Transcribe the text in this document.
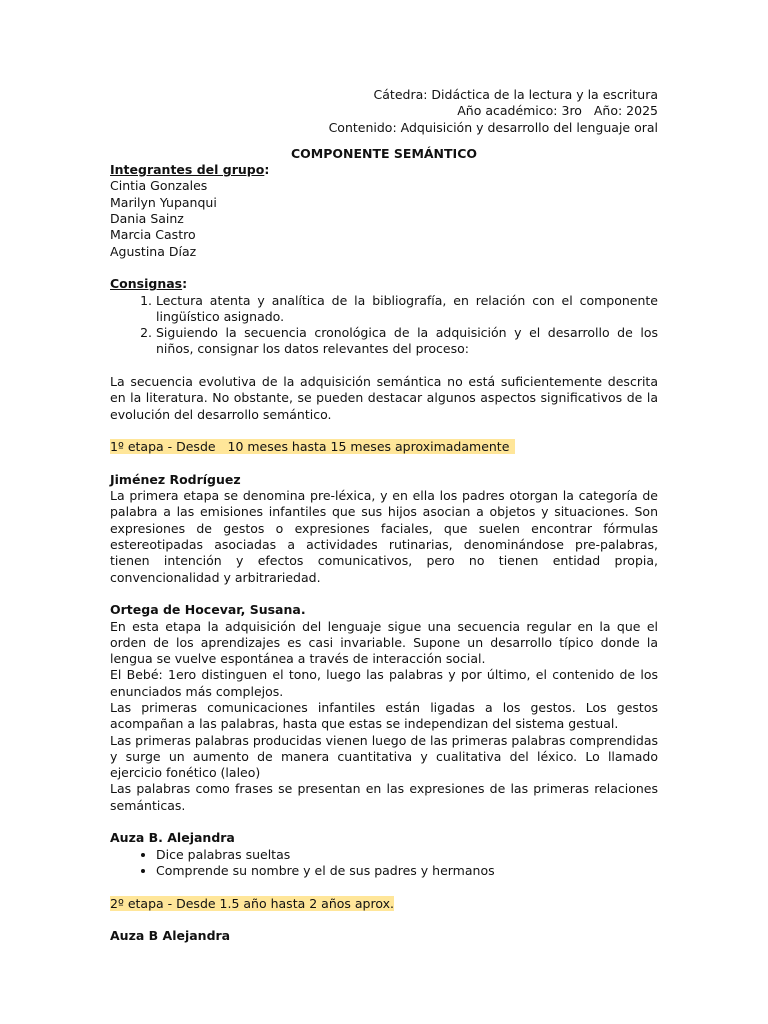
Cátedra: Didáctica de la lectura y la escritura
Año académico: 3ro   Año: 2025
Contenido: Adquisición y desarrollo del lenguaje oral
COMPONENTE SEMÁNTICO
Integrantes del grupo:
Cintia Gonzales
Marilyn Yupanqui
Dania Sainz
Marcia Castro
Agustina Díaz
Consignas:
1. Lectura atenta y analítica de la bibliografía, en relación con el componente lingüístico asignado.
2. Siguiendo la secuencia cronológica de la adquisición y el desarrollo de los niños, consignar los datos relevantes del proceso:
La secuencia evolutiva de la adquisición semántica no está suficientemente descrita en la literatura. No obstante, se pueden destacar algunos aspectos significativos de la evolución del desarrollo semántico.
1º etapa - Desde   10 meses hasta 15 meses aproximadamente
Jiménez Rodríguez
La primera etapa se denomina pre-léxica, y en ella los padres otorgan la categoría de palabra a las emisiones infantiles que sus hijos asocian a objetos y situaciones. Son expresiones de gestos o expresiones faciales, que suelen encontrar fórmulas estereotipadas asociadas a actividades rutinarias, denominándose pre-palabras, tienen intención y efectos comunicativos, pero no tienen entidad propia, convencionalidad y arbitrariedad.
Ortega de Hocevar, Susana.
En esta etapa la adquisición del lenguaje sigue una secuencia regular en la que el orden de los aprendizajes es casi invariable. Supone un desarrollo típico donde la lengua se vuelve espontánea a través de interacción social.
El Bebé: 1ero distinguen el tono, luego las palabras y por último, el contenido de los enunciados más complejos.
Las primeras comunicaciones infantiles están ligadas a los gestos. Los gestos acompañan a las palabras, hasta que estas se independizan del sistema gestual.
Las primeras palabras producidas vienen luego de las primeras palabras comprendidas y surge un aumento de manera cuantitativa y cualitativa del léxico. Lo llamado ejercicio fonético (laleo)
Las palabras como frases se presentan en las expresiones de las primeras relaciones semánticas.
Auza B. Alejandra
• Dice palabras sueltas
• Comprende su nombre y el de sus padres y hermanos
2º etapa - Desde 1.5 año hasta 2 años aprox.
Auza B Alejandra
